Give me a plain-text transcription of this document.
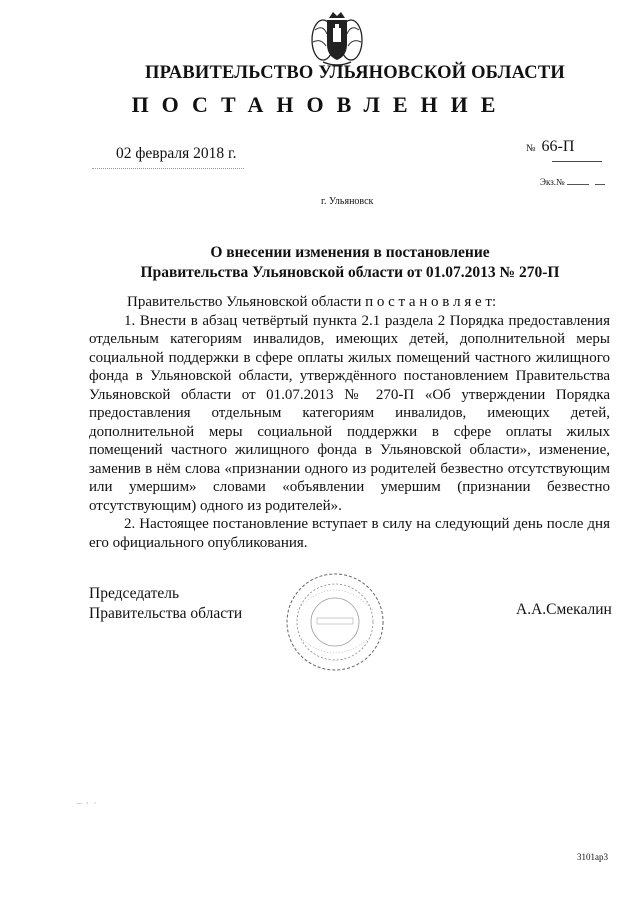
ПРАВИТЕЛЬСТВО УЛЬЯНОВСКОЙ ОБЛАСТИ
ПОСТАНОВЛЕНИЕ
02 февраля 2018 г.	№ 66-П
Экз.№
г. Ульяновск
О внесении изменения в постановление
Правительства Ульяновской области от 01.07.2013 № 270-П

Правительство Ульяновской области п о с т а н о в л я е т:

1. Внести в абзац четвёртый пункта 2.1 раздела 2 Порядка предоставления отдельным категориям инвалидов, имеющих детей, дополнительной меры социальной поддержки в сфере оплаты жилых помещений частного жилищного фонда в Ульяновской области, утверждённого постановлением Правительства Ульяновской области от 01.07.2013 № 270-П «Об утверждении Порядка предоставления отдельным категориям инвалидов, имеющих детей, дополнительной меры социальной поддержки в сфере оплаты жилых помещений частного жилищного фонда в Ульяновской области», изменение, заменив в нём слова «признании одного из родителей безвестно отсутствующим или умершим» словами «объявлении умершим (признании безвестно отсутствующим) одного из родителей».

2. Настоящее постановление вступает в силу на следующий день после дня его официального опубликования.

Председатель
Правительства области	А.А.Смекалин
–  ·  ·
3101ар3
